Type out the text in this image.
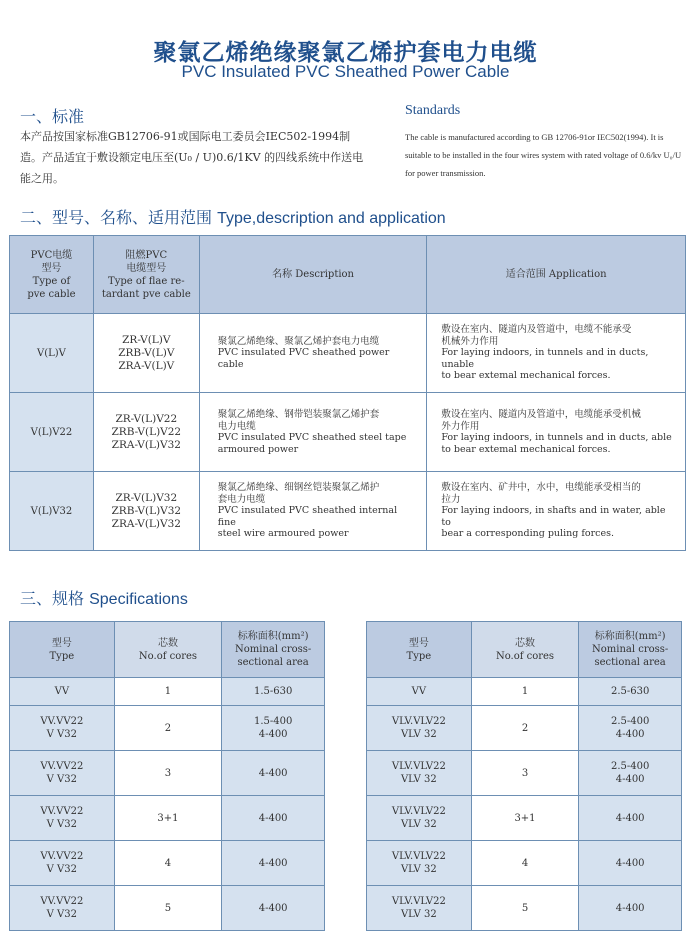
聚氯乙烯绝缘聚氯乙烯护套电力电缆
PVC Insulated PVC Sheathed Power Cable
一、标准
本产品按国家标准GB12706-91或国际电工委员会IEC502-1994制造。产品适宜于敷设额定电压至(U₀ / U)0.6/1KV 的四线系统中作送电能之用。
Standards
The cable is manufactured according to GB 12706-91or IEC502(1994). It is suitable to be installed in the four wires system with rated voltage of 0.6/kv U₀/U for power transmission.
二、型号、名称、适用范围 Type,description and application
PVC电缆
型号
Type of
pve cable	阻燃PVC
电缆型号
Type of flae re-
tardant pve cable	名称 Description	适合范围 Application
V(L)V	ZR-V(L)V
ZRB-V(L)V
ZRA-V(L)V	聚氯乙烯绝缘、聚氯乙烯护套电力电缆
PVC insulated PVC sheathed power cable	敷设在室内、隧道内及管道中，电缆不能承受
机械外力作用
For laying indoors, in tunnels and in ducts, unable
to bear extemal mechanical forces.
V(L)V22	ZR-V(L)V22
ZRB-V(L)V22
ZRA-V(L)V32	聚氯乙烯绝缘、钢带铠装聚氯乙烯护套
电力电缆
PVC insulated PVC sheathed steel tape
armoured power	敷设在室内、隧道内及管道中，电缆能承受机械
外力作用
For laying indoors, in tunnels and in ducts, able
to bear extemal mechanical forces.
V(L)V32	ZR-V(L)V32
ZRB-V(L)V32
ZRA-V(L)V32	聚氯乙烯绝缘、细钢丝铠装聚氯乙烯护
套电力电缆
PVC insulated PVC sheathed internal fine
steel wire armoured power	敷设在室内、矿井中，水中，电缆能承受相当的
拉力
For laying indoors, in shafts and in water, able to
bear a corresponding puling forces.
三、规格 Specifications
型号
Type	芯数
No.of cores	标称面积(mm²)
Nominal cross-
sectional area
VV	1	1.5-630
VV.VV22
V V32	2	1.5-400
4-400
VV.VV22
V V32	3	4-400
VV.VV22
V V32	3+1	4-400
VV.VV22
V V32	4	4-400
VV.VV22
V V32	5	4-400
型号
Type	芯数
No.of cores	标称面积(mm²)
Nominal cross-
sectional area
VV	1	2.5-630
VLV.VLV22
VLV 32	2	2.5-400
4-400
VLV.VLV22
VLV 32	3	2.5-400
4-400
VLV.VLV22
VLV 32	3+1	4-400
VLV.VLV22
VLV 32	4	4-400
VLV.VLV22
VLV 32	5	4-400
